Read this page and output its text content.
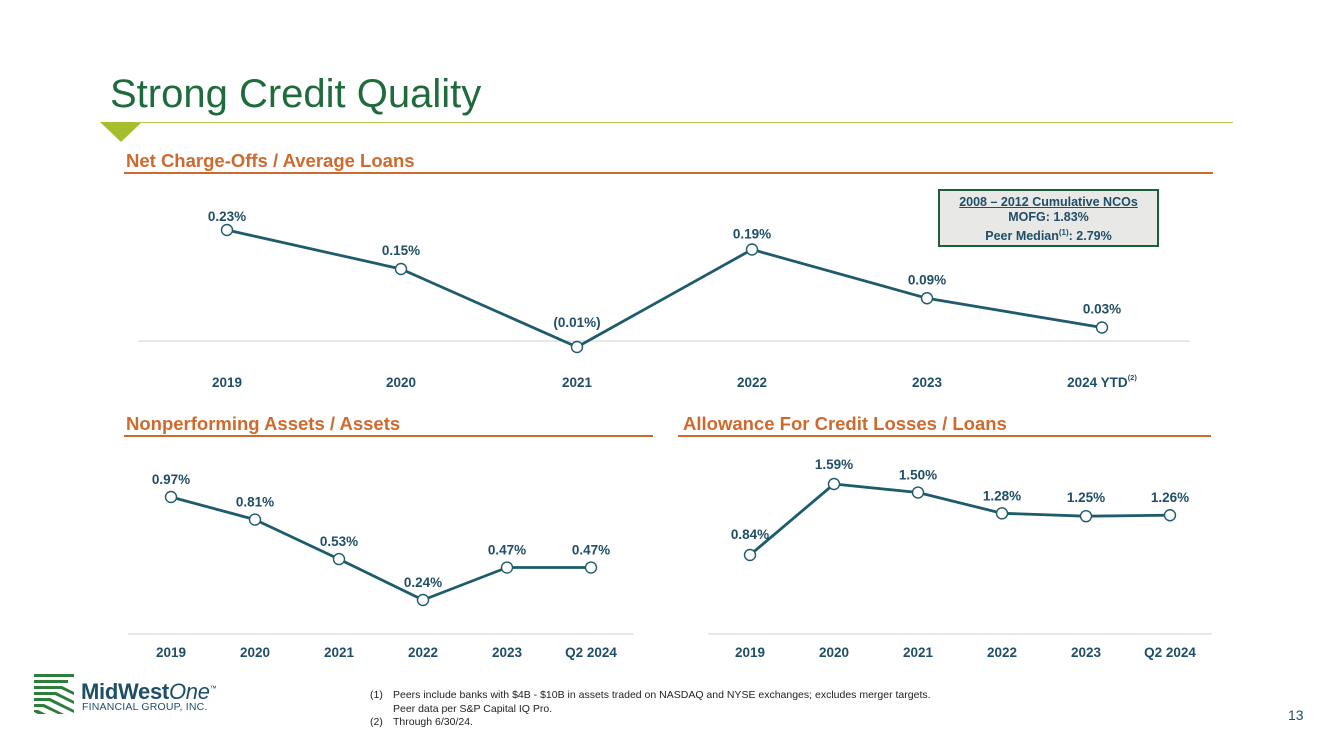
Strong Credit Quality
Net Charge-Offs / Average Loans
Nonperforming Assets / Assets	Allowance For Credit Losses / Loans
0.23%
2019
0.15%
2020
(0.01%)
2021
0.19%
2022
0.09%
2023
0.03%
2024 YTD$^{(2)}$
0.97%
2019
0.81%
2020
0.53%
2021
0.24%
2022
0.47%
2023
0.47%
Q2 2024
0.84%
2019
1.59%
2020
1.50%
2021
1.28%
2022
1.25%
2023
1.26%
Q2 2024
2008 – 2012 Cumulative NCOs
MOFG: 1.83%
Peer Median$^{(1)}$: 2.79%
MidWestOne™
FINANCIAL GROUP, INC.
(1) Peers include banks with $4B - $10B in assets traded on NASDAQ and NYSE exchanges; excludes merger targets.
Peer data per S&P Capital IQ Pro.
(2) Through 6/30/24.	13
